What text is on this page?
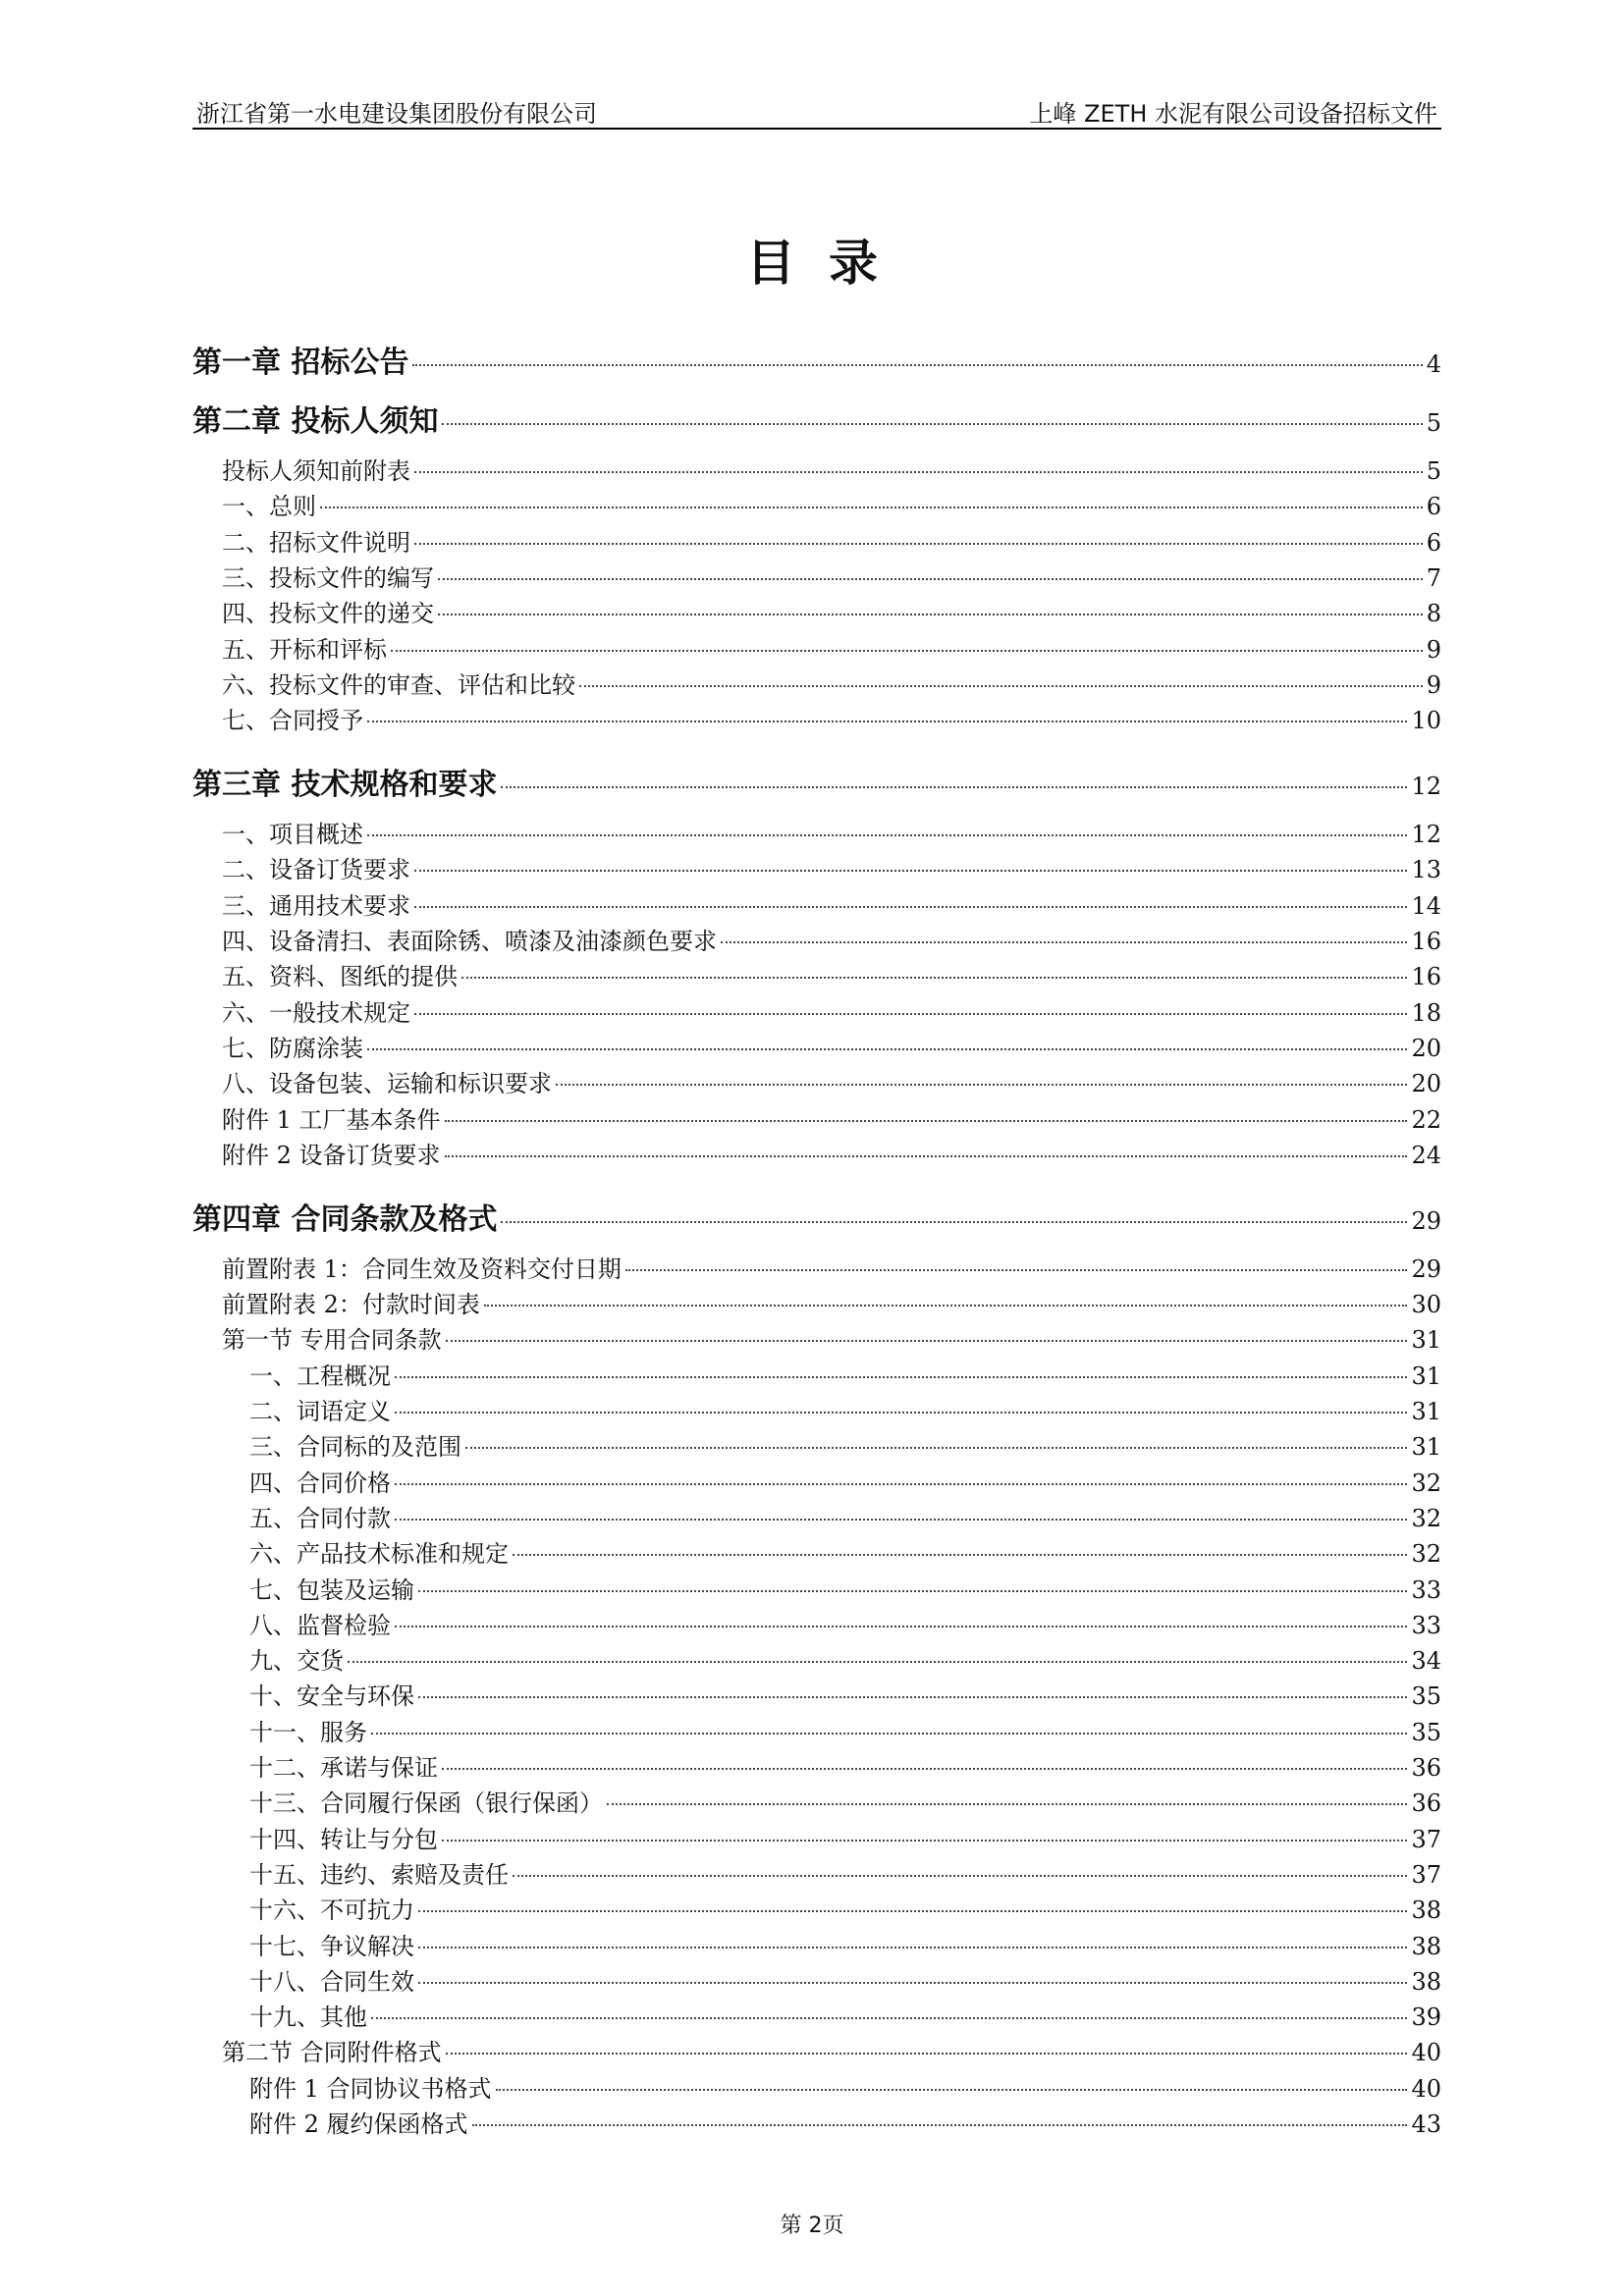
浙江省第一水电建设集团股份有限公司	上峰 ZETH 水泥有限公司设备招标文件
目录
第一章 招标公告	4
第二章 投标人须知	5
投标人须知前附表	5
一、总则	6
二、招标文件说明	6
三、投标文件的编写	7
四、投标文件的递交	8
五、开标和评标	9
六、投标文件的审查、评估和比较	9
七、合同授予	10
第三章 技术规格和要求	12
一、项目概述	12
二、设备订货要求	13
三、通用技术要求	14
四、设备清扫、表面除锈、喷漆及油漆颜色要求	16
五、资料、图纸的提供	16
六、一般技术规定	18
七、防腐涂装	20
八、设备包装、运输和标识要求	20
附件 1 工厂基本条件	22
附件 2 设备订货要求	24
第四章 合同条款及格式	29
前置附表 1：合同生效及资料交付日期	29
前置附表 2：付款时间表	30
第一节 专用合同条款	31
一、工程概况	31
二、词语定义	31
三、合同标的及范围	31
四、合同价格	32
五、合同付款	32
六、产品技术标准和规定	32
七、包装及运输	33
八、监督检验	33
九、交货	34
十、安全与环保	35
十一、服务	35
十二、承诺与保证	36
十三、合同履行保函（银行保函）	36
十四、转让与分包	37
十五、违约、索赔及责任	37
十六、不可抗力	38
十七、争议解决	38
十八、合同生效	38
十九、其他	39
第二节 合同附件格式	40
附件 1 合同协议书格式	40
附件 2 履约保函格式	43
第 2页
